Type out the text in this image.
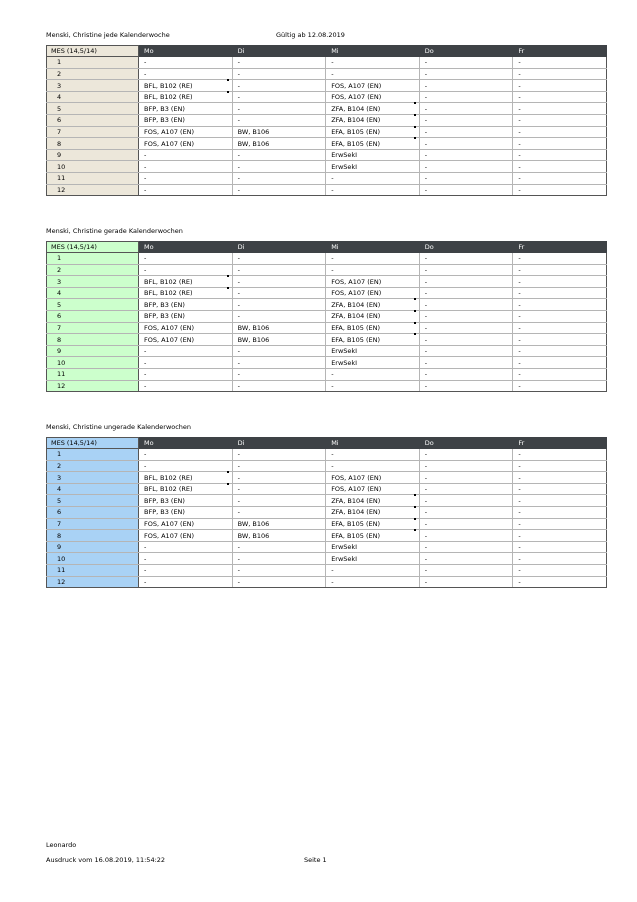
Menski, Christine jede Kalenderwoche	Gültig ab 12.08.2019
MES (14,5/14)	Mo	Di	Mi	Do	Fr
1	-	-	-	-	-
2	-	-	-	-	-
3	BFL, B102 (RE)	-	FOS, A107 (EN)	-	-
4	BFL, B102 (RE)	-	FOS, A107 (EN)	-	-
5	BFP, B3 (EN)	-	ZFA, B104 (EN)	-	-
6	BFP, B3 (EN)	-	ZFA, B104 (EN)	-	-
7	FOS, A107 (EN)	BW, B106	EFA, B105 (EN)	-	-
8	FOS, A107 (EN)	BW, B106	EFA, B105 (EN)	-	-
9	-	-	ErwSekI	-	-
10	-	-	ErwSekI	-	-
11	-	-	-	-	-
12	-	-	-	-	-
Menski, Christine gerade Kalenderwochen
MES (14,5/14)	Mo	Di	Mi	Do	Fr
1	-	-	-	-	-
2	-	-	-	-	-
3	BFL, B102 (RE)	-	FOS, A107 (EN)	-	-
4	BFL, B102 (RE)	-	FOS, A107 (EN)	-	-
5	BFP, B3 (EN)	-	ZFA, B104 (EN)	-	-
6	BFP, B3 (EN)	-	ZFA, B104 (EN)	-	-
7	FOS, A107 (EN)	BW, B106	EFA, B105 (EN)	-	-
8	FOS, A107 (EN)	BW, B106	EFA, B105 (EN)	-	-
9	-	-	ErwSekI	-	-
10	-	-	ErwSekI	-	-
11	-	-	-	-	-
12	-	-	-	-	-
Menski, Christine ungerade Kalenderwochen
MES (14,5/14)	Mo	Di	Mi	Do	Fr
1	-	-	-	-	-
2	-	-	-	-	-
3	BFL, B102 (RE)	-	FOS, A107 (EN)	-	-
4	BFL, B102 (RE)	-	FOS, A107 (EN)	-	-
5	BFP, B3 (EN)	-	ZFA, B104 (EN)	-	-
6	BFP, B3 (EN)	-	ZFA, B104 (EN)	-	-
7	FOS, A107 (EN)	BW, B106	EFA, B105 (EN)	-	-
8	FOS, A107 (EN)	BW, B106	EFA, B105 (EN)	-	-
9	-	-	ErwSekI	-	-
10	-	-	ErwSekI	-	-
11	-	-	-	-	-
12	-	-	-	-	-
Leonardo
Ausdruck vom 16.08.2019, 11:54:22	Seite 1
